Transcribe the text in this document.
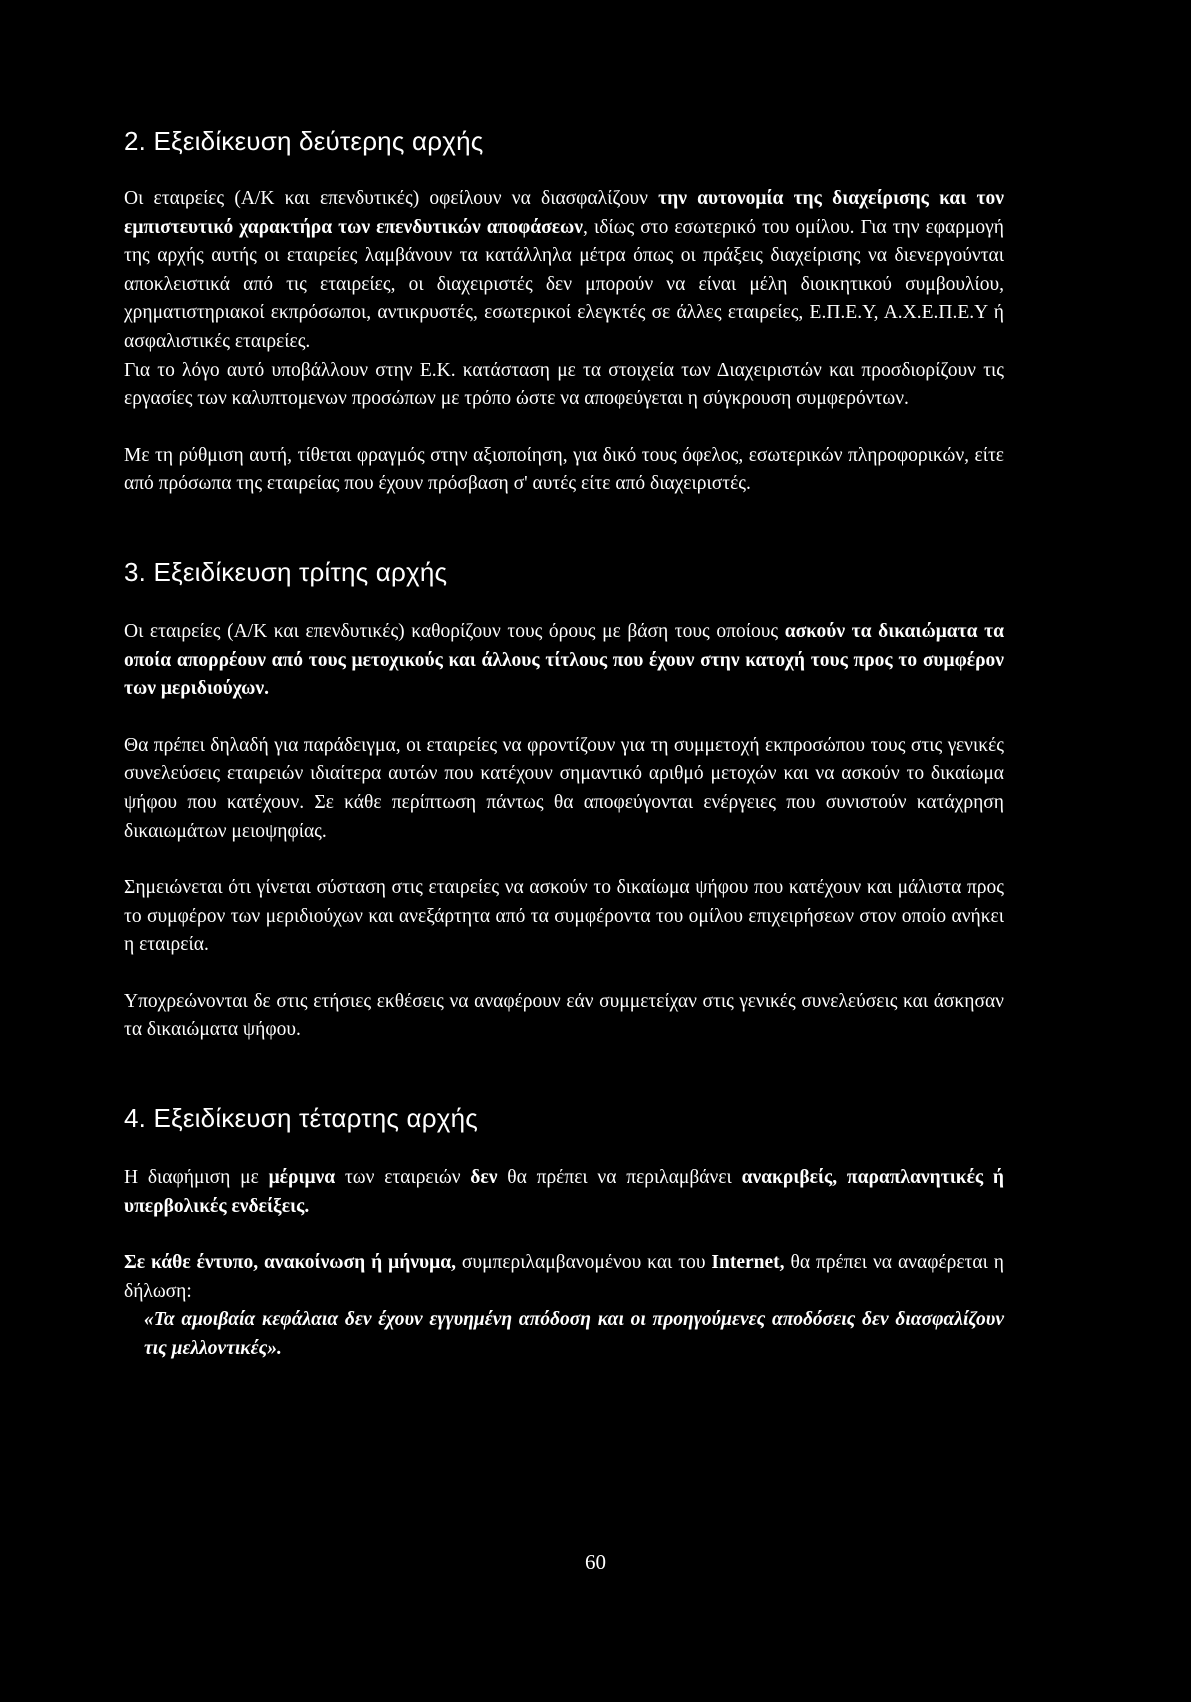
2. Εξειδίκευση δεύτερης αρχής

Οι εταιρείες (Α/Κ και επενδυτικές) οφείλουν να διασφαλίζουν την αυτονομία της διαχείρισης και τον εμπιστευτικό χαρακτήρα των επενδυτικών αποφάσεων, ιδίως στο εσωτερικό του ομίλου. Για την εφαρμογή της αρχής αυτής οι εταιρείες λαμβάνουν τα κατάλληλα μέτρα όπως οι πράξεις διαχείρισης να διενεργούνται αποκλειστικά από τις εταιρείες, οι διαχειριστές δεν μπορούν να είναι μέλη διοικητικού συμβουλίου, χρηματιστηριακοί εκπρόσωποι, αντικρυστές, εσωτερικοί ελεγκτές σε άλλες εταιρείες, Ε.Π.Ε.Υ, Α.Χ.Ε.Π.Ε.Υ ή ασφαλιστικές εταιρείες.
Για το λόγο αυτό υποβάλλουν στην Ε.Κ. κατάσταση με τα στοιχεία των Διαχειριστών και προσδιορίζουν τις εργασίες των καλυπτομενων προσώπων με τρόπο ώστε να αποφεύγεται η σύγκρουση συμφερόντων.

Με τη ρύθμιση αυτή, τίθεται φραγμός στην αξιοποίηση, για δικό τους όφελος, εσωτερικών πληροφορικών, είτε από πρόσωπα της εταιρείας που έχουν πρόσβαση σ' αυτές είτε από διαχειριστές.

3. Εξειδίκευση τρίτης αρχής

Οι εταιρείες (Α/Κ και επενδυτικές) καθορίζουν τους όρους με βάση τους οποίους ασκούν τα δικαιώματα τα οποία απορρέουν από τους μετοχικούς και άλλους τίτλους που έχουν στην κατοχή τους προς το συμφέρον των μεριδιούχων.

Θα πρέπει δηλαδή για παράδειγμα, οι εταιρείες να φροντίζουν για τη συμμετοχή εκπροσώπου τους στις γενικές συνελεύσεις εταιρειών ιδιαίτερα αυτών που κατέχουν σημαντικό αριθμό μετοχών και να ασκούν το δικαίωμα ψήφου που κατέχουν. Σε κάθε περίπτωση πάντως θα αποφεύγονται ενέργειες που συνιστούν κατάχρηση δικαιωμάτων μειοψηφίας.

Σημειώνεται ότι γίνεται σύσταση στις εταιρείες να ασκούν το δικαίωμα ψήφου που κατέχουν και μάλιστα προς το συμφέρον των μεριδιούχων και ανεξάρτητα από τα συμφέροντα του ομίλου επιχειρήσεων στον οποίο ανήκει η εταιρεία.

Υποχρεώνονται δε στις ετήσιες εκθέσεις να αναφέρουν εάν συμμετείχαν στις γενικές συνελεύσεις και άσκησαν τα δικαιώματα ψήφου.

4. Εξειδίκευση τέταρτης αρχής

Η διαφήμιση με μέριμνα των εταιρειών δεν θα πρέπει να περιλαμβάνει ανακριβείς, παραπλανητικές ή υπερβολικές ενδείξεις.

Σε κάθε έντυπο, ανακοίνωση ή μήνυμα, συμπεριλαμβανομένου και του Internet, θα πρέπει να αναφέρεται η δήλωση:

«Τα αμοιβαία κεφάλαια δεν έχουν εγγυημένη απόδοση και οι προηγούμενες αποδόσεις δεν διασφαλίζουν τις μελλοντικές».

60
